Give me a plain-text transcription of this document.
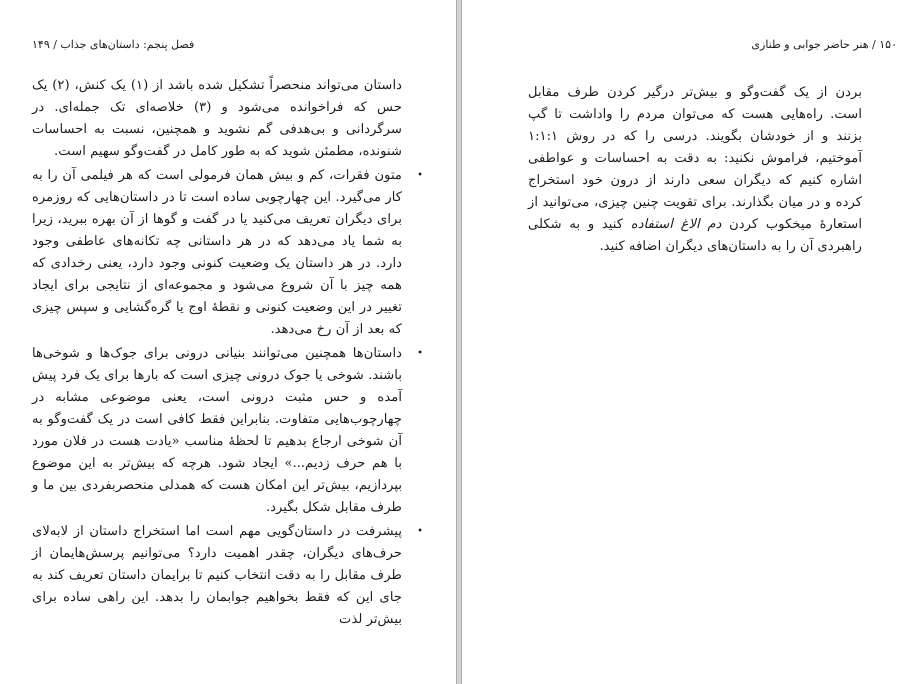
فصل پنجم: داستان‌های جذاب / ۱۴۹

داستان می‌تواند منحصراً تشکیل شده باشد از (۱) یک کنش، (۲) یک حس که فراخوانده می‌شود و (۳) خلاصه‌ای تک جمله‌ای. در سرگردانی و بی‌هدفی گم نشوید و همچنین، نسبت به احساسات شنونده، مطمئن شوید که به طور کامل در گفت‌وگو سهیم است.

•
متون فقرات، کم و بیش همان فرمولی است که هر فیلمی آن را به کار می‌گیرد. این چهارچوبی ساده است تا در داستان‌هایی که روزمره برای دیگران تعریف می‌کنید یا در گفت و گوها از آن بهره ببرید، زیرا به شما یاد می‌دهد که در هر داستانی چه تکانه‌های عاطفی وجود دارد. در هر داستان یک وضعیت کنونی وجود دارد، یعنی رخدادی که همه چیز با آن شروع می‌شود و مجموعه‌ای از نتایجی برای ایجاد تغییر در این وضعیت کنونی و نقطهٔ اوج یا گره‌گشایی و سپس چیزی که بعد از آن رخ می‌دهد.
•
داستان‌ها همچنین می‌توانند بنیانی درونی برای جوک‌ها و شوخی‌ها باشند. شوخی یا جوک درونی چیزی است که بارها برای یک فرد پیش آمده و حس مثبت درونی است، یعنی موضوعی مشابه در چهارچوب‌هایی متفاوت. بنابراین فقط کافی است در یک گفت‌وگو به آن شوخی ارجاع بدهیم تا لحظهٔ مناسب «یادت هست در فلان مورد با هم حرف زدیم...» ایجاد شود. هرچه که بیش‌تر به این موضوع بپردازیم، بیش‌تر این امکان هست که همدلی منحصربفردی بین ما و طرف مقابل شکل بگیرد.
•
پیشرفت در داستان‌گویی مهم است اما استخراج داستان از لابه‌لای حرف‌های دیگران، چقدر اهمیت دارد؟ می‌توانیم پرسش‌هایمان از طرف مقابل را به دقت انتخاب کنیم تا برایمان داستان تعریف کند به جای این که فقط بخواهیم جوابمان را بدهد. این راهی ساده برای بیش‌تر لذت
۱۵۰ / هنر حاضر جوابی و طنازی

بردن از یک گفت‌وگو و بیش‌تر درگیر کردن طرف مقابل است. راه‌هایی هست که می‌توان مردم را واداشت تا گپ بزنند و از خودشان بگویند. درسی را که در روش ۱:۱:۱ آموختیم، فراموش نکنید: به دقت به احساسات و عواطفی اشاره کنیم که دیگران سعی دارند از درون خود استخراج کرده و در میان بگذارند. برای تقویت چنین چیزی، می‌توانید از استعارهٔ میخکوب کردن دم الاغ استفاده کنید و به شکلی راهبردی آن را به داستان‌های دیگران اضافه کنید.
